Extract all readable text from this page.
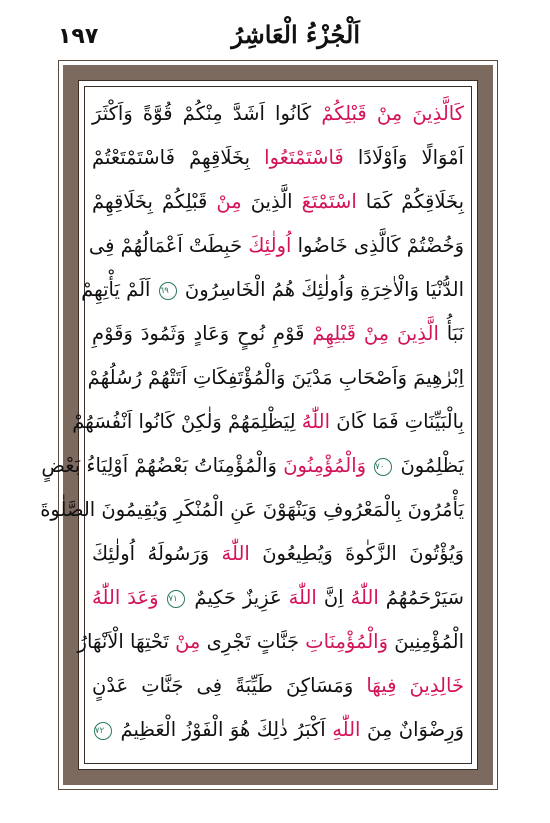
١٩٧	اَلْجُزْءُ الْعَاشِرُ
كَالَّذِينَ مِنْ قَبْلِكُمْ كَانُوا اَشَدَّ مِنْكُمْ قُوَّةً وَاَكْثَرَ
اَمْوَالًا وَاَوْلَادًا فَاسْتَمْتَعُوا بِخَلَاقِهِمْ فَاسْتَمْتَعْتُمْ
بِخَلَاقِكُمْ كَمَا اسْتَمْتَعَ الَّذِينَ مِنْ قَبْلِكُمْ بِخَلَاقِهِمْ
وَخُضْتُمْ كَالَّذِى خَاضُوا اُولٰئِكَ حَبِطَتْ اَعْمَالُهُمْ فِى
الدُّنْيَا وَالْاٰخِرَةِ وَاُولٰئِكَ هُمُ الْخَاسِرُونَ ٦٩ اَلَمْ يَأْتِهِمْ
نَبَأُ الَّذِينَ مِنْ قَبْلِهِمْ قَوْمِ نُوحٍ وَعَادٍ وَثَمُودَ وَقَوْمِ
اِبْرٰهِيمَ وَاَصْحَابِ مَدْيَنَ وَالْمُؤْتَفِكَاتِ اَتَتْهُمْ رُسُلُهُمْ
بِالْبَيِّنَاتِ فَمَا كَانَ اللّٰهُ لِيَظْلِمَهُمْ وَلٰكِنْ كَانُوا اَنْفُسَهُمْ
يَظْلِمُونَ ٧٠ وَالْمُؤْمِنُونَ وَالْمُؤْمِنَاتُ بَعْضُهُمْ اَوْلِيَاءُ بَعْضٍ
يَأْمُرُونَ بِالْمَعْرُوفِ وَيَنْهَوْنَ عَنِ الْمُنْكَرِ وَيُقِيمُونَ الصَّلٰوةَ
وَيُؤْتُونَ الزَّكٰوةَ وَيُطِيعُونَ اللّٰهَ وَرَسُولَهُ اُولٰئِكَ
سَيَرْحَمُهُمُ اللّٰهُ اِنَّ اللّٰهَ عَزِيزٌ حَكِيمٌ ٧١ وَعَدَ اللّٰهُ
الْمُؤْمِنِينَ وَالْمُؤْمِنَاتِ جَنَّاتٍ تَجْرِى مِنْ تَحْتِهَا الْاَنْهَارُ
خَالِدِينَ فِيهَا وَمَسَاكِنَ طَيِّبَةً فِى جَنَّاتِ عَدْنٍ
وَرِضْوَانٌ مِنَ اللّٰهِ اَكْبَرُ ذٰلِكَ هُوَ الْفَوْزُ الْعَظِيمُ ٧٢
